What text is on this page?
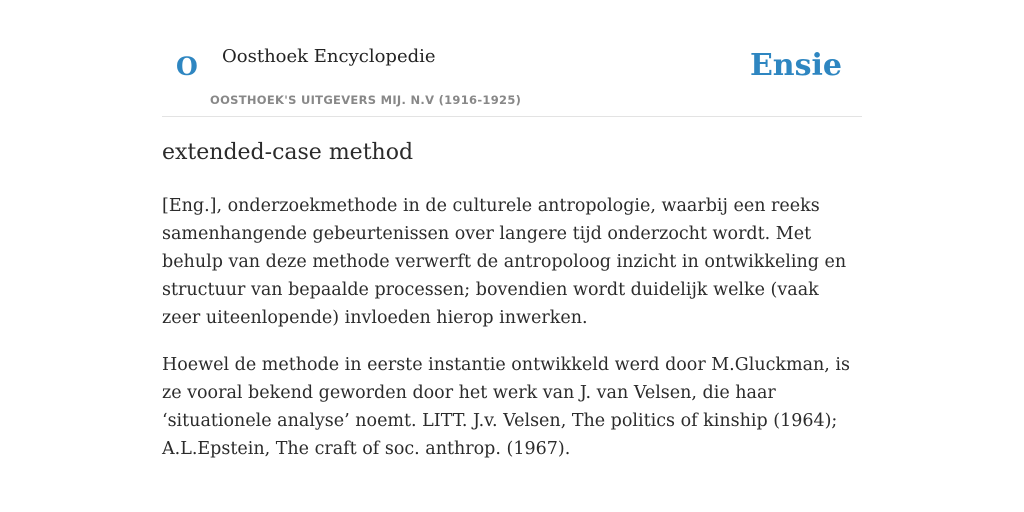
O Oosthoek Encyclopedie
OOSTHOEK'S UITGEVERS MIJ. N.V (1916-1925)
Ensie
extended-case method

[Eng.], onderzoekmethode in de culturele antropologie, waarbij een reeks samenhangende gebeurtenissen over langere tijd onderzocht wordt. Met behulp van deze methode verwerft de antropoloog inzicht in ontwikkeling en structuur van bepaalde processen; bovendien wordt duidelijk welke (vaak zeer uiteenlopende) invloeden hierop inwerken.

Hoewel de methode in eerste instantie ontwikkeld werd door M.Gluckman, is ze vooral bekend geworden door het werk van J. van Velsen, die haar ‘situationele analyse’ noemt. LITT. J.v. Velsen, The politics of kinship (1964); A.L.Epstein, The craft of soc. anthrop. (1967).
